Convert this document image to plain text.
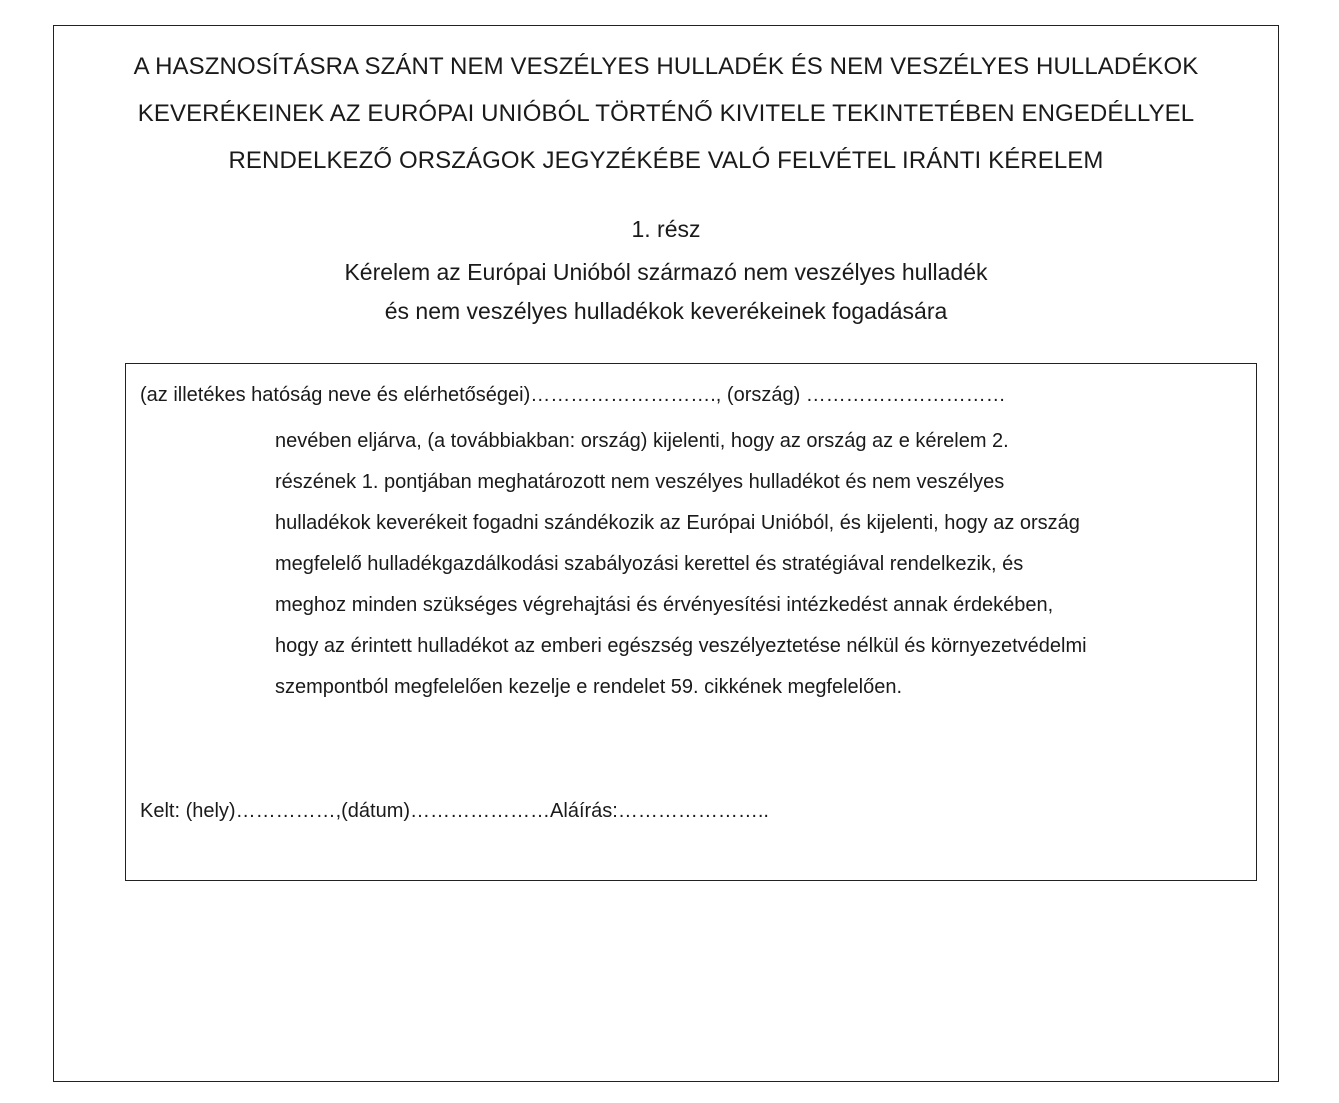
A HASZNOSÍTÁSRA SZÁNT NEM VESZÉLYES HULLADÉK ÉS NEM VESZÉLYES HULLADÉKOK
KEVERÉKEINEK AZ EURÓPAI UNIÓBÓL TÖRTÉNŐ KIVITELE TEKINTETÉBEN ENGEDÉLLYEL
RENDELKEZŐ ORSZÁGOK JEGYZÉKÉBE VALÓ FELVÉTEL IRÁNTI KÉRELEM
1. rész
Kérelem az Európai Unióból származó nem veszélyes hulladék
és nem veszélyes hulladékok keverékeinek fogadására
(az illetékes hatóság neve és elérhetőségei)………………………., (ország) …………………………
nevében eljárva, (a továbbiakban: ország) kijelenti, hogy az ország az e kérelem 2.
részének 1. pontjában meghatározott nem veszélyes hulladékot és nem veszélyes
hulladékok keverékeit fogadni szándékozik az Európai Unióból, és kijelenti, hogy az ország
megfelelő hulladékgazdálkodási szabályozási kerettel és stratégiával rendelkezik, és
meghoz minden szükséges végrehajtási és érvényesítési intézkedést annak érdekében,
hogy az érintett hulladékot az emberi egészség veszélyeztetése nélkül és környezetvédelmi
szempontból megfelelően kezelje e rendelet 59. cikkének megfelelően.
Kelt: (hely)……………,(dátum)…………………Aláírás:…………………..
